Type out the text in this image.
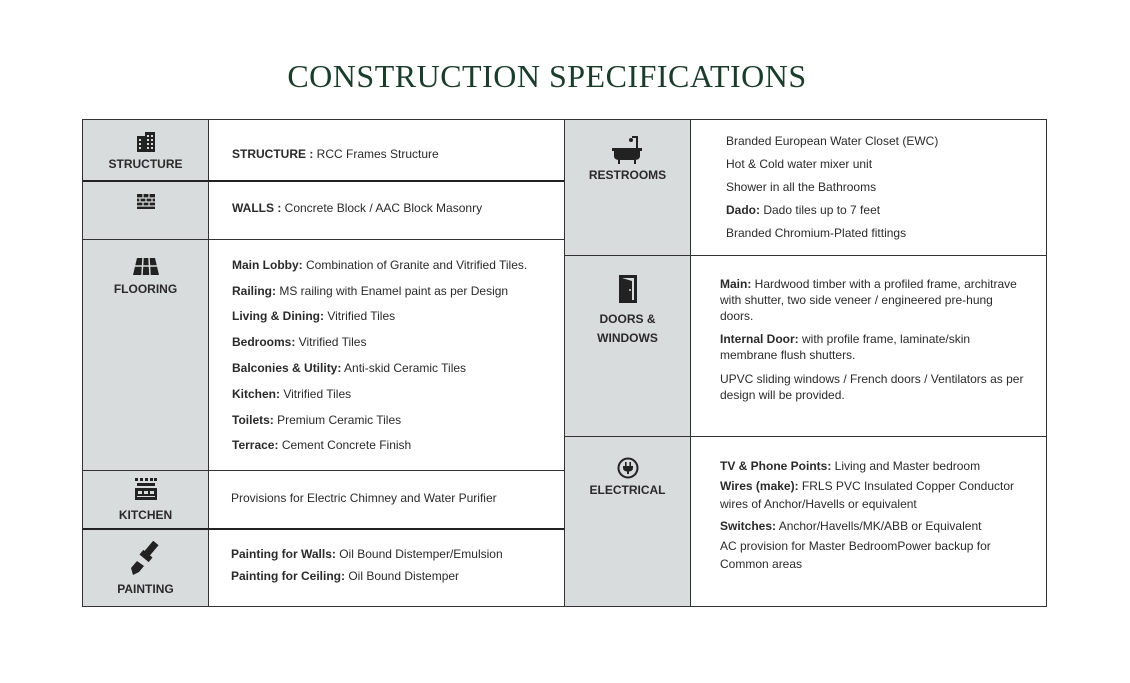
CONSTRUCTION SPECIFICATIONS
STRUCTURE
STRUCTURE : RCC Frames Structure
WALLS : Concrete Block / AAC Block Masonry
FLOORING
Main Lobby: Combination of Granite and Vitrified Tiles.
Railing: MS railing with Enamel paint as per Design
Living & Dining: Vitrified Tiles
Bedrooms: Vitrified Tiles
Balconies & Utility: Anti-skid Ceramic Tiles
Kitchen: Vitrified Tiles
Toilets: Premium Ceramic Tiles
Terrace: Cement Concrete Finish
KITCHEN
Provisions for Electric Chimney and Water Purifier
PAINTING
Painting for Walls: Oil Bound Distemper/Emulsion
Painting for Ceiling: Oil Bound Distemper
RESTROOMS
Branded European Water Closet (EWC)
Hot & Cold water mixer unit
Shower in all the Bathrooms
Dado: Dado tiles up to 7 feet
Branded Chromium-Plated fittings
DOORS &
WINDOWS
Main: Hardwood timber with a profiled frame, architrave with shutter, two side veneer / engineered pre-hung doors.
Internal Door: with profile frame, laminate/skin membrane flush shutters.
UPVC sliding windows / French doors / Ventilators as per design will be provided.
ELECTRICAL
TV & Phone Points: Living and Master bedroom
Wires (make): FRLS PVC Insulated Copper Conductor wires of Anchor/Havells or equivalent
Switches: Anchor/Havells/MK/ABB or Equivalent
AC provision for Master BedroomPower backup for Common areas
